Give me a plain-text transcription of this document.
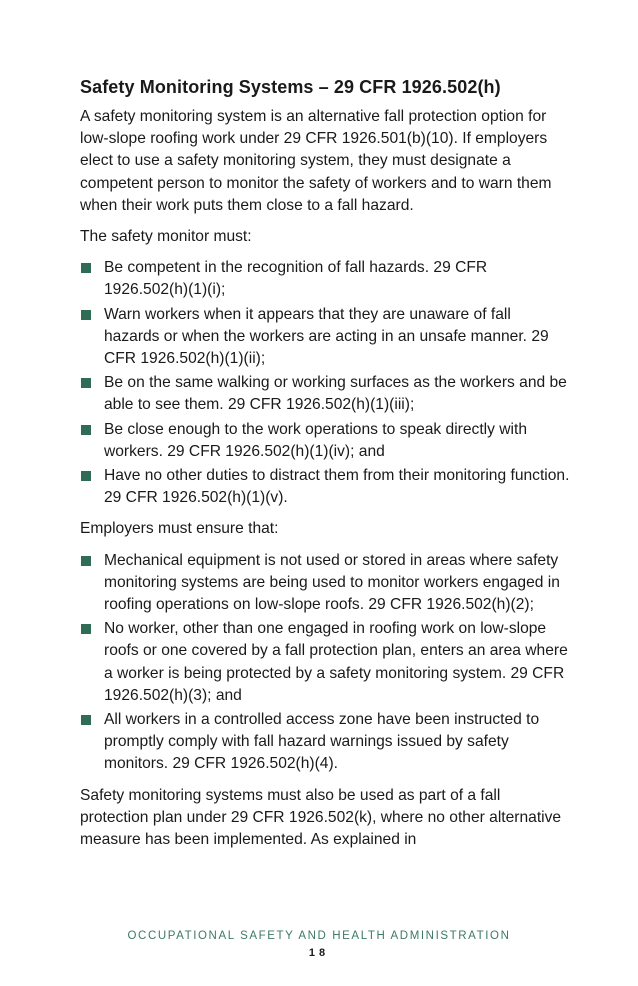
Safety Monitoring Systems – 29 CFR 1926.502(h)

A safety monitoring system is an alternative fall protection option for low-slope roofing work under 29 CFR 1926.501(b)(10). If employers elect to use a safety monitoring system, they must designate a competent person to monitor the safety of workers and to warn them when their work puts them close to a fall hazard.

The safety monitor must:

Be competent in the recognition of fall hazards. 29 CFR 1926.502(h)(1)(i);
Warn workers when it appears that they are unaware of fall hazards or when the workers are acting in an unsafe manner. 29 CFR 1926.502(h)(1)(ii);
Be on the same walking or working surfaces as the workers and be able to see them. 29 CFR 1926.502(h)(1)(iii);
Be close enough to the work operations to speak directly with workers. 29 CFR 1926.502(h)(1)(iv); and
Have no other duties to distract them from their monitoring function. 29 CFR 1926.502(h)(1)(v).

Employers must ensure that:

Mechanical equipment is not used or stored in areas where safety monitoring systems are being used to monitor workers engaged in roofing operations on low-slope roofs. 29 CFR 1926.502(h)(2);
No worker, other than one engaged in roofing work on low-slope roofs or one covered by a fall protection plan, enters an area where a worker is being protected by a safety monitoring system. 29 CFR 1926.502(h)(3); and
All workers in a controlled access zone have been instructed to promptly comply with fall hazard warnings issued by safety monitors. 29 CFR 1926.502(h)(4).

Safety monitoring systems must also be used as part of a fall protection plan under 29 CFR 1926.502(k), where no other alternative measure has been implemented. As explained in

OCCUPATIONAL SAFETY AND HEALTH ADMINISTRATION
18
